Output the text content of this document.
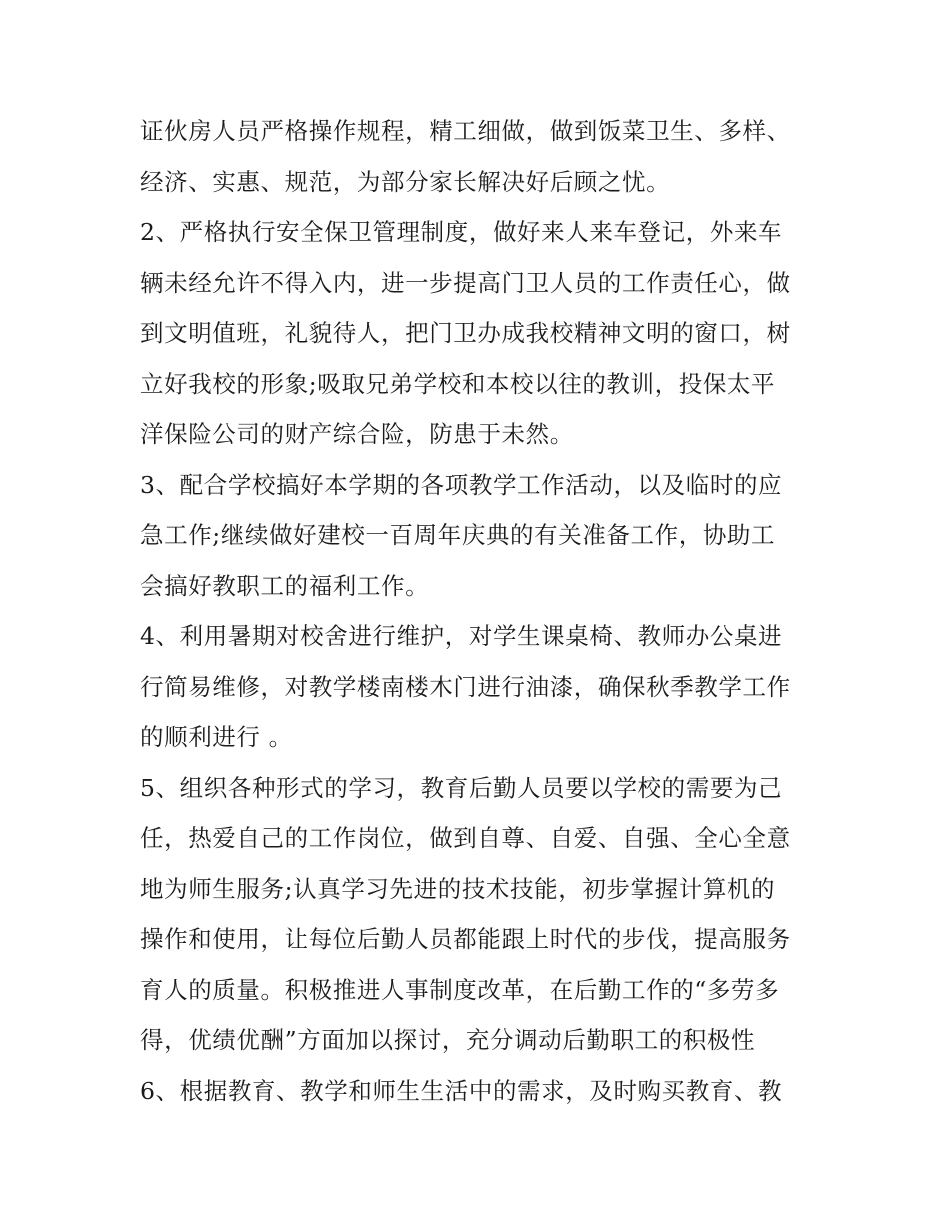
证伙房人员严格操作规程，精工细做，做到饭菜卫生、多样、
经济、实惠、规范，为部分家长解决好后顾之忧。
2、严格执行安全保卫管理制度，做好来人来车登记，外来车
辆未经允许不得入内，进一步提高门卫人员的工作责任心，做
到文明值班，礼貌待人，把门卫办成我校精神文明的窗口，树
立好我校的形象;吸取兄弟学校和本校以往的教训，投保太平
洋保险公司的财产综合险，防患于未然。
3、配合学校搞好本学期的各项教学工作活动，以及临时的应
急工作;继续做好建校一百周年庆典的有关准备工作，协助工
会搞好教职工的福利工作。
4、利用暑期对校舍进行维护，对学生课桌椅、教师办公桌进
行简易维修，对教学楼南楼木门进行油漆，确保秋季教学工作
的顺利进行 。
5、组织各种形式的学习，教育后勤人员要以学校的需要为己
任，热爱自己的工作岗位，做到自尊、自爱、自强、全心全意
地为师生服务;认真学习先进的技术技能，初步掌握计算机的
操作和使用，让每位后勤人员都能跟上时代的步伐，提高服务
育人的质量。积极推进人事制度改革，在后勤工作的“多劳多
得，优绩优酬”方面加以探讨，充分调动后勤职工的积极性
6、根据教育、教学和师生生活中的需求，及时购买教育、教
